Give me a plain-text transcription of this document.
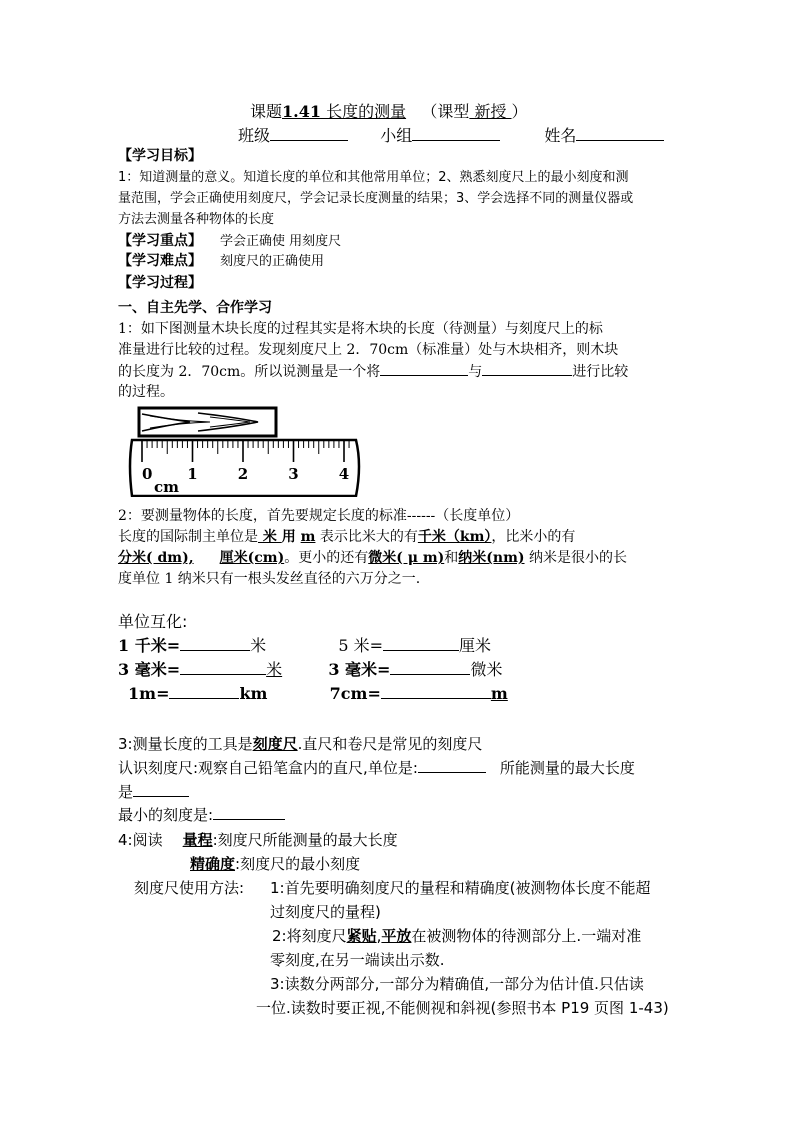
课题1.41 长度的测量 （课型 新授 ）
班级	小组	姓名
【学习目标】
1：知道测量的意义。知道长度的单位和其他常用单位；2、熟悉刻度尺上的最小刻度和测
量范围，学会正确使用刻度尺，学会记录长度测量的结果；3、学会选择不同的测量仪器或
方法去测量各种物体的长度
【学习重点】 学会正确使 用刻度尺
【学习难点】 刻度尺的正确使用
【学习过程】
一、自主先学、合作学习
1：如下图测量木块长度的过程其实是将木块的长度（待测量）与刻度尺上的标
准量进行比较的过程。发现刻度尺上 2．70cm（标准量）处与木块相齐，则木块
的长度为 2．70cm。所以说测量是一个将	与	进行比较
的过程。
0 1	2	3	4
cm
2：要测量物体的长度，首先要规定长度的标准------（长度单位）
长度的国际制主单位是 米 用 m 表示比米大的有千米（km），比米小的有
分米( dm), 厘米(cm)。更小的还有微米( μ m)和纳米(nm) 纳米是很小的长
度单位 1 纳米只有一根头发丝直径的六万分之一.
单位互化:
1 千米=	米	5 米=	厘米
3 毫米=	米	3 毫米=	微米
1m=	km	7cm=	m
3:测量长度的工具是刻度尺.直尺和卷尺是常见的刻度尺
认识刻度尺:观察自己铅笔盒内的直尺,单位是:	所能测量的最大长度
是
最小的刻度是:
4:阅读 量程:刻度尺所能测量的最大长度
精确度:刻度尺的最小刻度
刻度尺使用方法: 1:首先要明确刻度尺的量程和精确度(被测物体长度不能超
过刻度尺的量程)
2:将刻度尺紧贴,平放在被测物体的待测部分上.一端对准
零刻度,在另一端读出示数.
3:读数分两部分,一部分为精确值,一部分为估计值.只估读
一位.读数时要正视,不能侧视和斜视(参照书本 P19 页图 1-43)
